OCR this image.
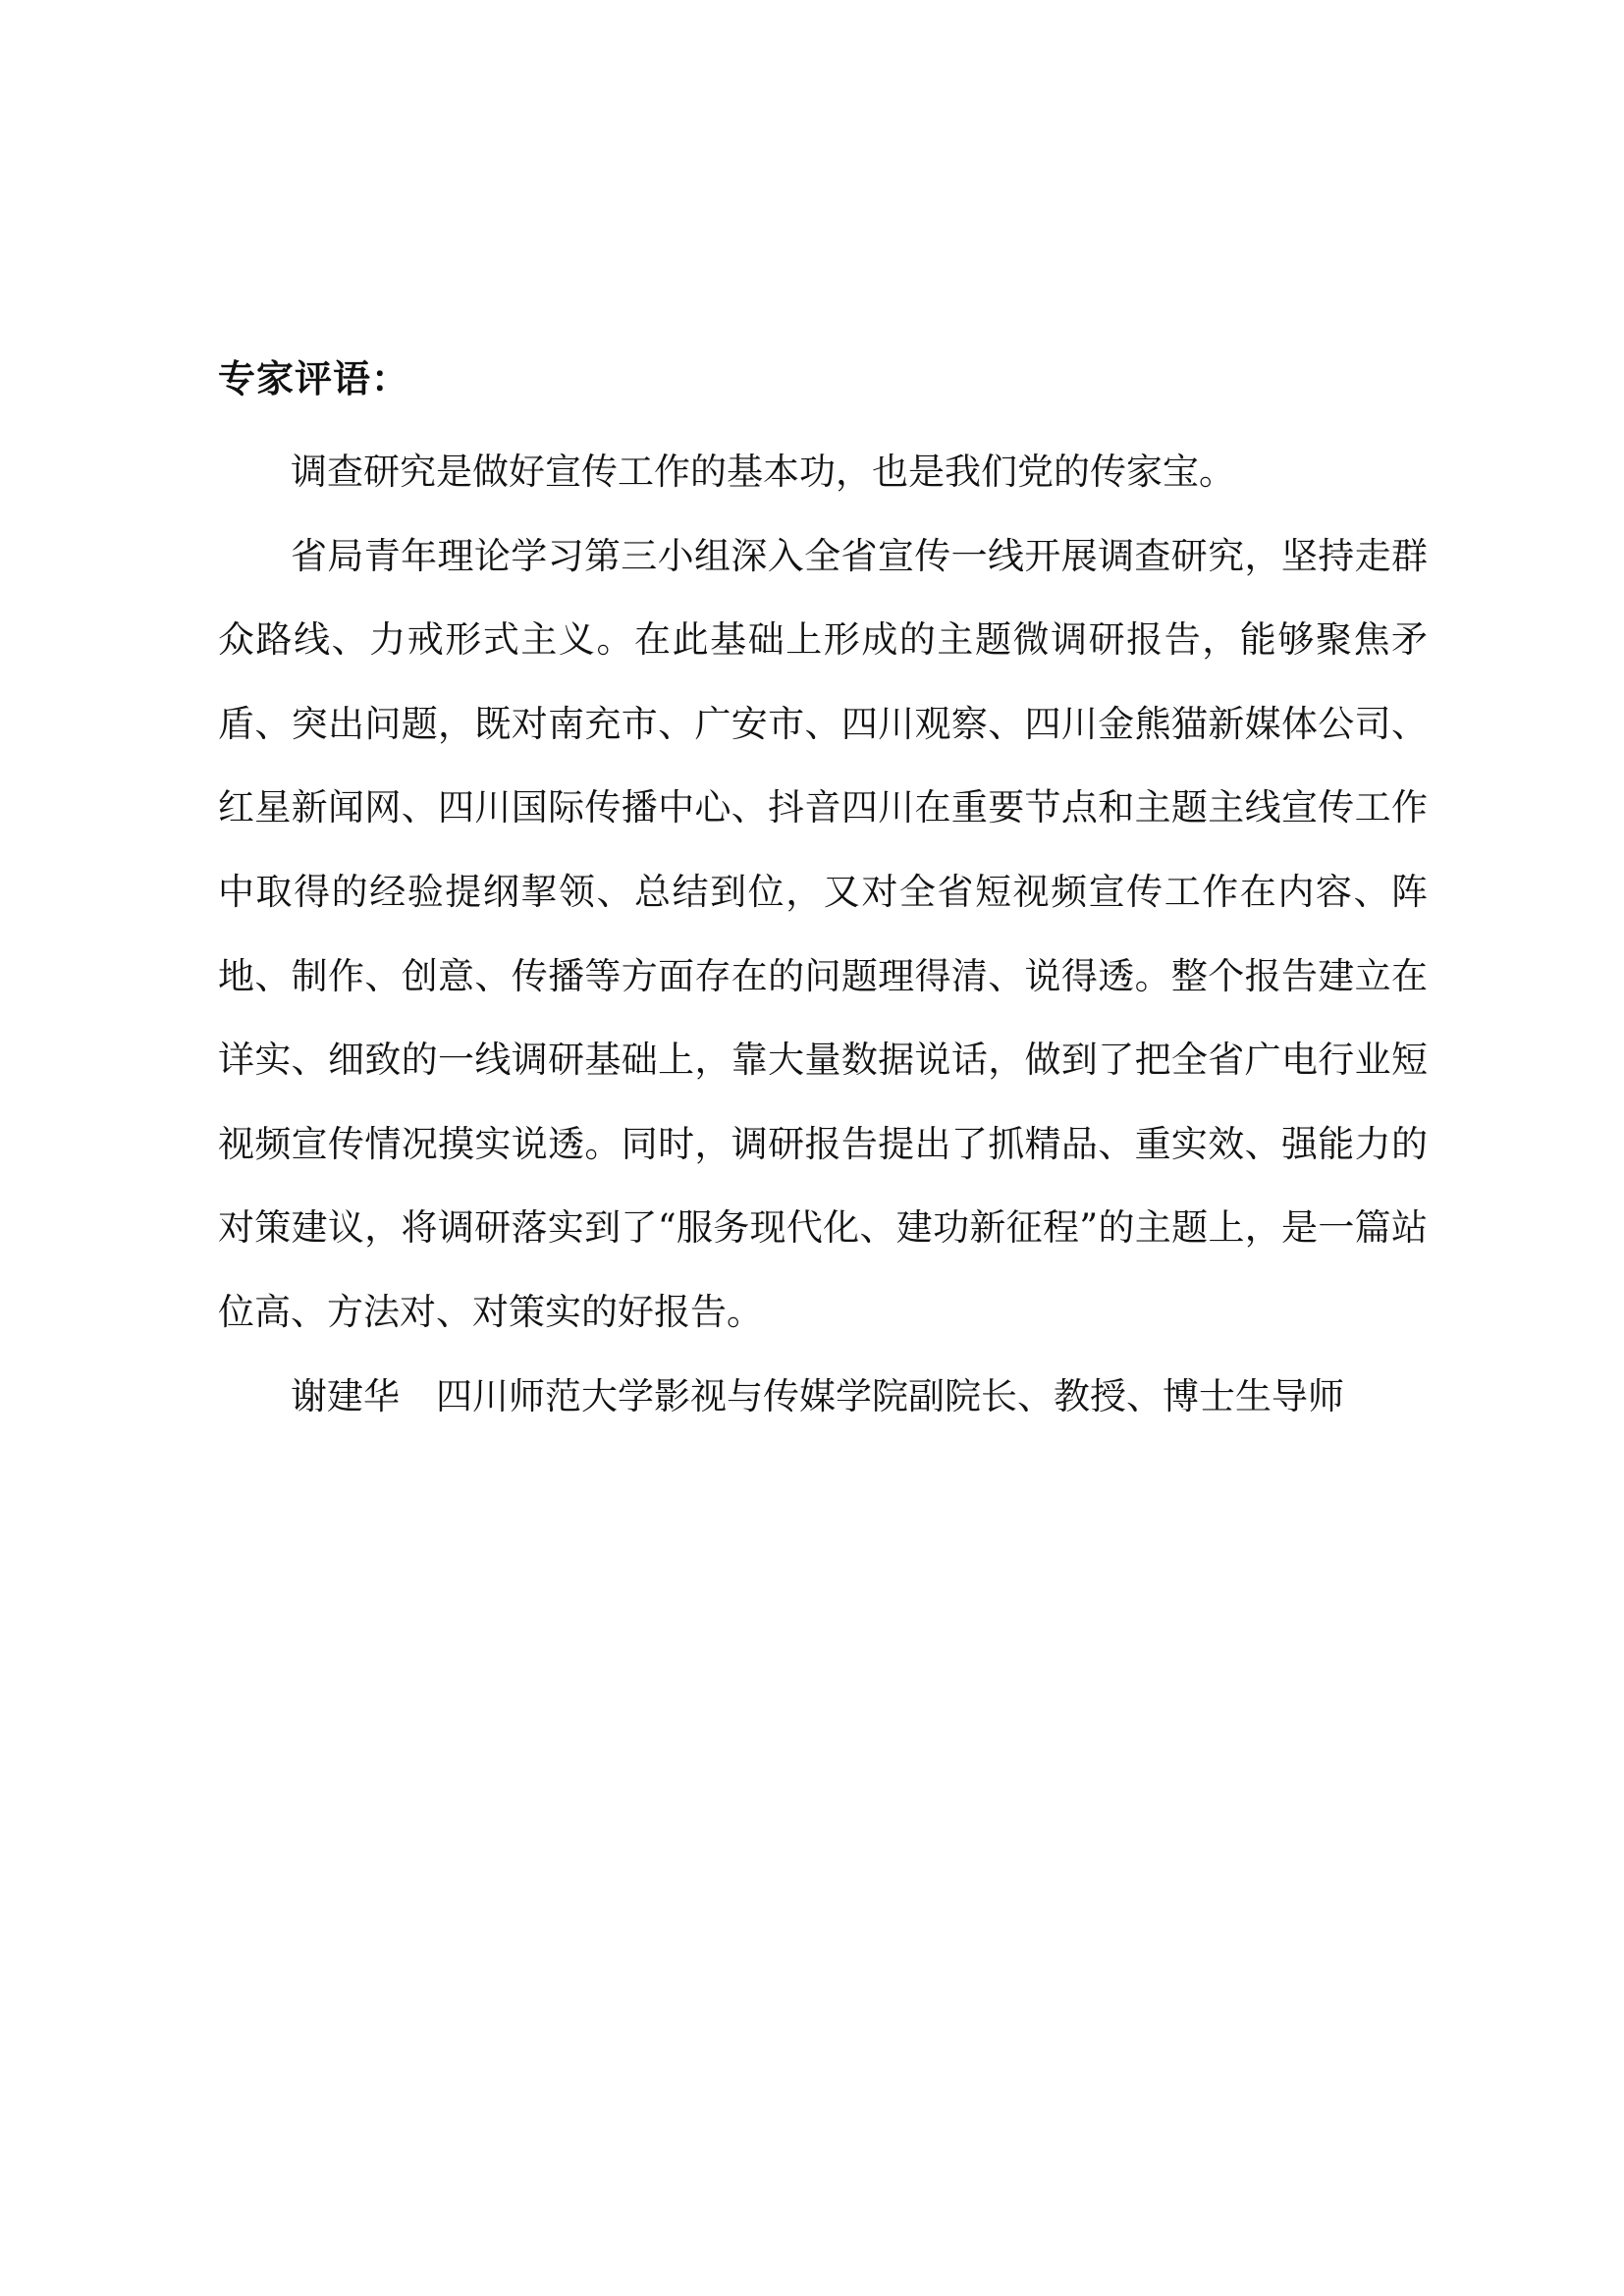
专家评语：

调查研究是做好宣传工作的基本功，也是我们党的传家宝。

省局青年理论学习第三小组深入全省宣传一线开展调查研究，坚持走群众路线、力戒形式主义。在此基础上形成的主题微调研报告，能够聚焦矛盾、突出问题，既对南充市、广安市、四川观察、四川金熊猫新媒体公司、红星新闻网、四川国际传播中心、抖音四川在重要节点和主题主线宣传工作中取得的经验提纲挈领、总结到位，又对全省短视频宣传工作在内容、阵地、制作、创意、传播等方面存在的问题理得清、说得透。整个报告建立在详实、细致的一线调研基础上，靠大量数据说话，做到了把全省广电行业短视频宣传情况摸实说透。同时，调研报告提出了抓精品、重实效、强能力的对策建议，将调研落实到了“服务现代化、建功新征程”的主题上，是一篇站位高、方法对、对策实的好报告。

谢建华　四川师范大学影视与传媒学院副院长、教授、博士生导师
